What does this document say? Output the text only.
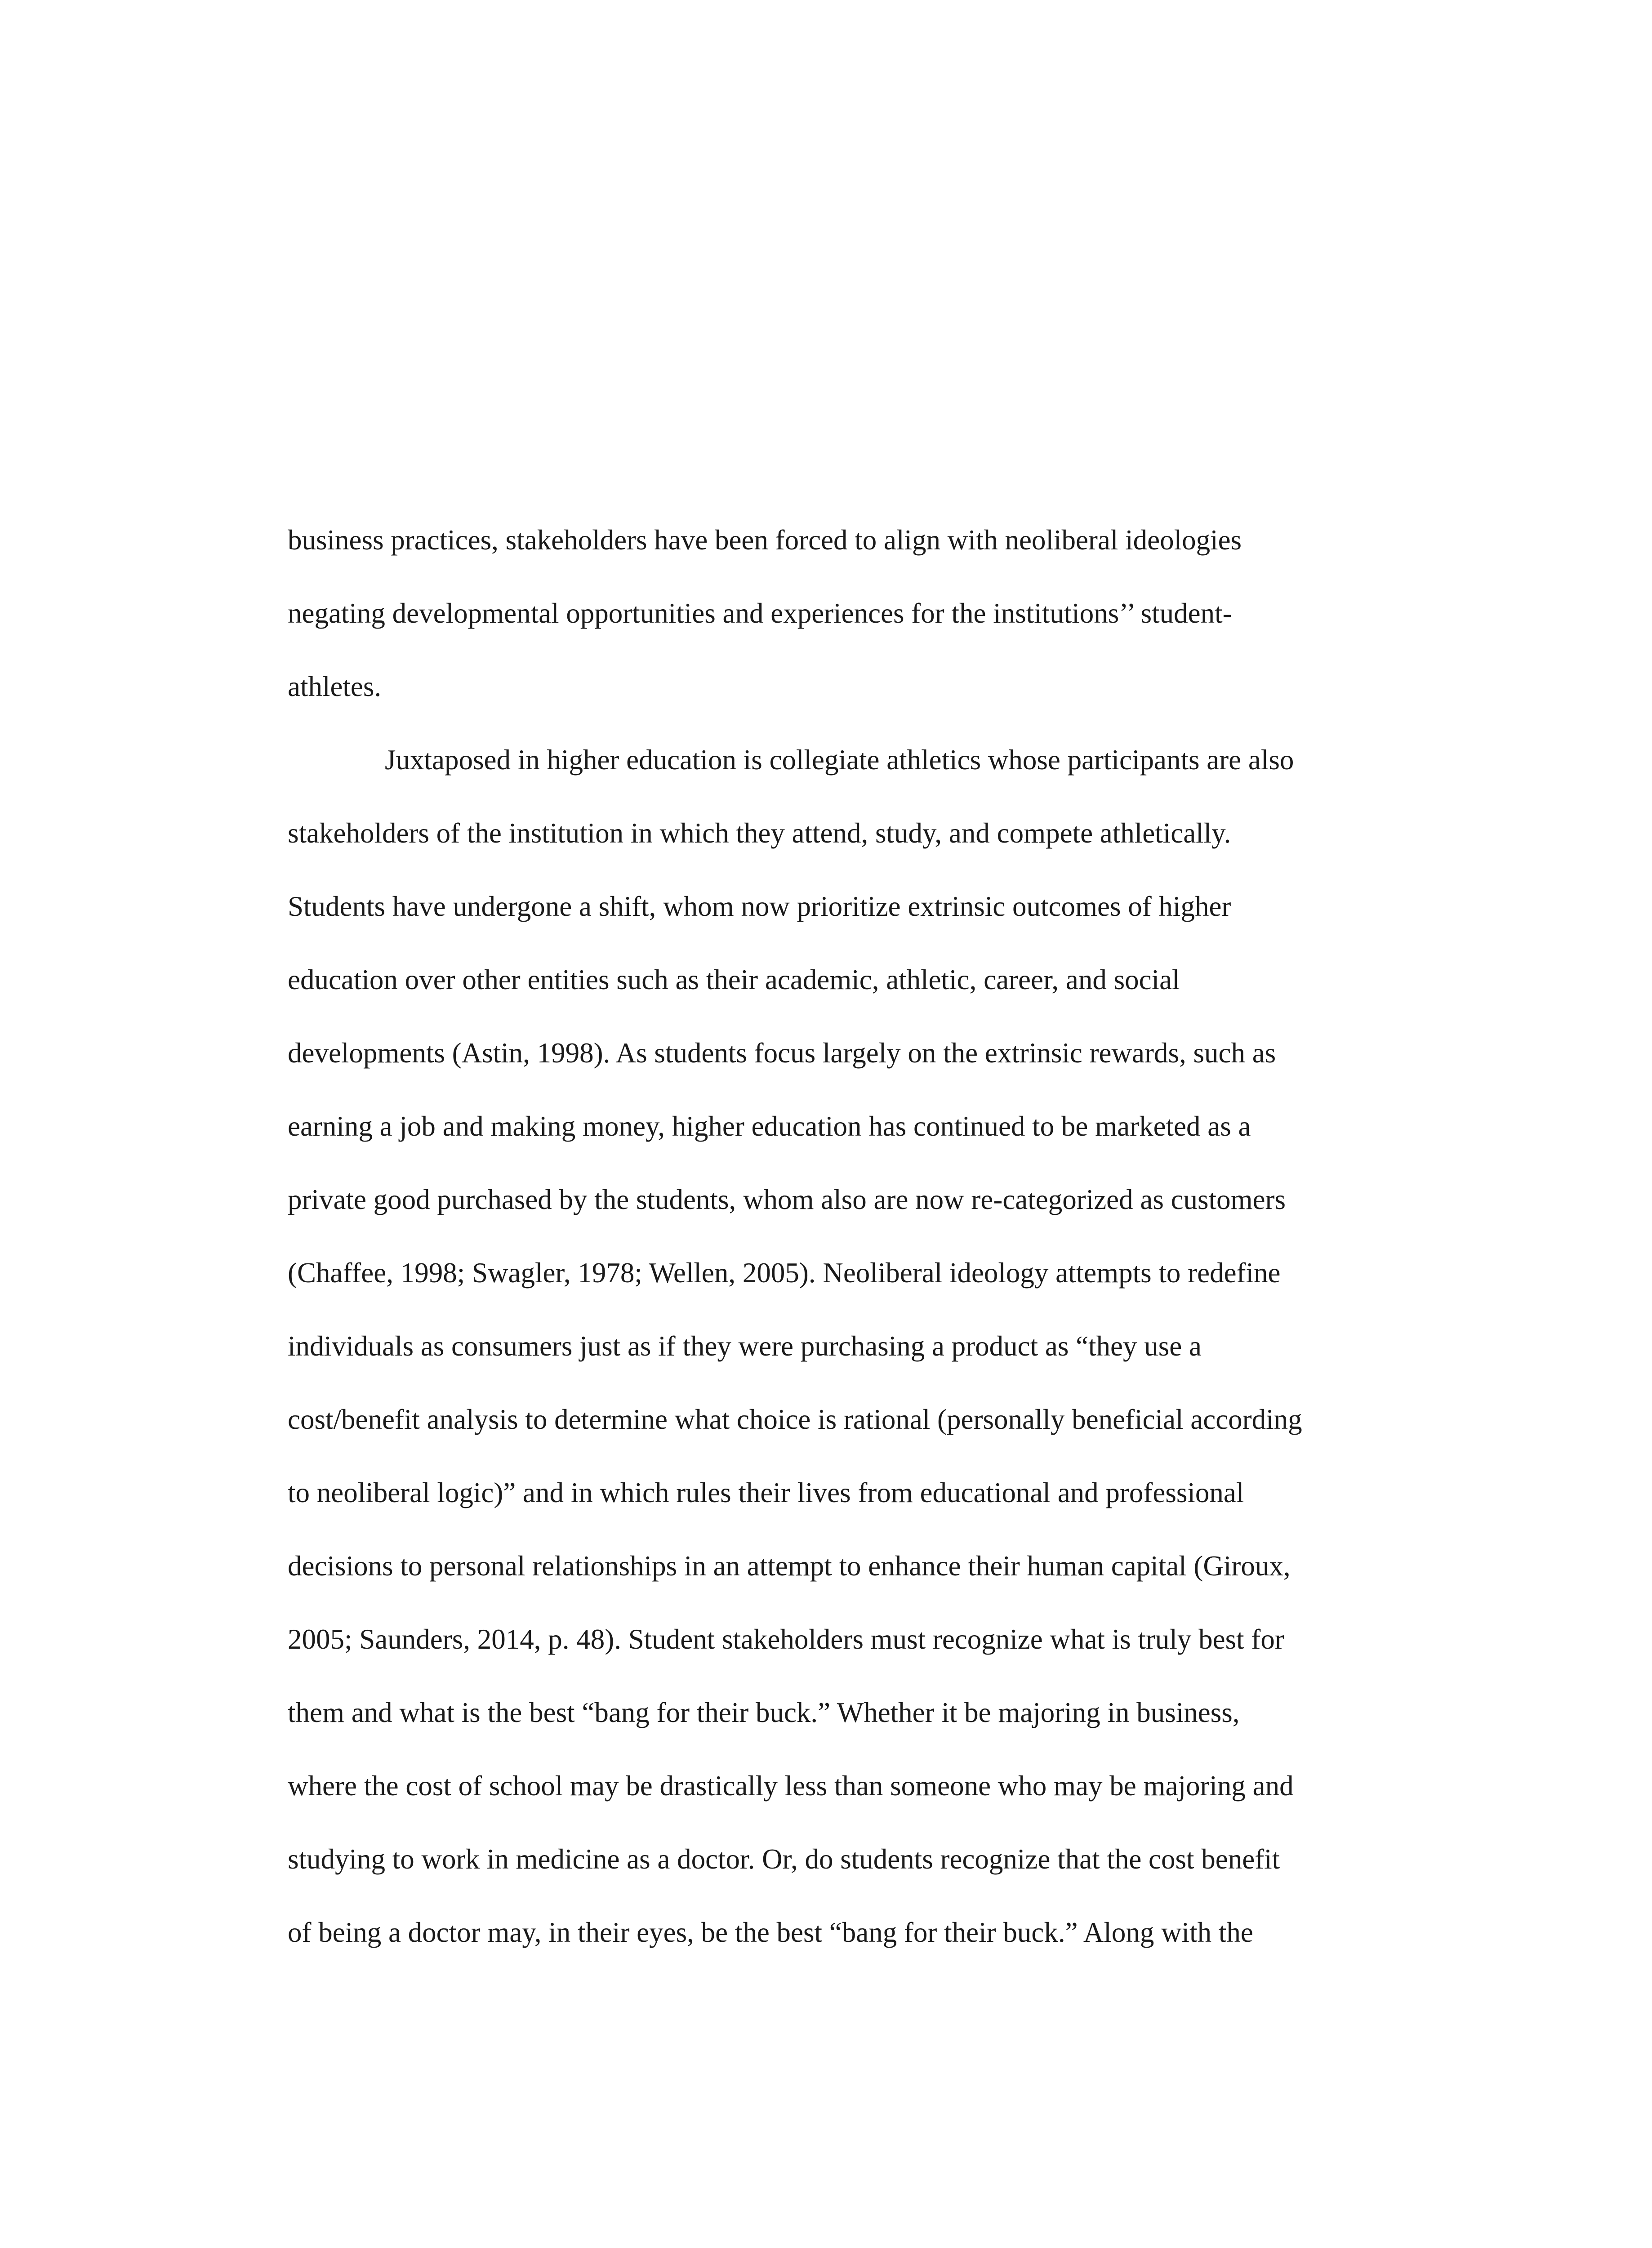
business practices, stakeholders have been forced to align with neoliberal ideologies
negating developmental opportunities and experiences for the institutions’’ student-
athletes.
Juxtaposed in higher education is collegiate athletics whose participants are also
stakeholders of the institution in which they attend, study, and compete athletically.
Students have undergone a shift, whom now prioritize extrinsic outcomes of higher
education over other entities such as their academic, athletic, career, and social
developments (Astin, 1998). As students focus largely on the extrinsic rewards, such as
earning a job and making money, higher education has continued to be marketed as a
private good purchased by the students, whom also are now re-categorized as customers
(Chaffee, 1998; Swagler, 1978; Wellen, 2005). Neoliberal ideology attempts to redefine
individuals as consumers just as if they were purchasing a product as “they use a
cost/benefit analysis to determine what choice is rational (personally beneficial according
to neoliberal logic)” and in which rules their lives from educational and professional
decisions to personal relationships in an attempt to enhance their human capital (Giroux,
2005; Saunders, 2014, p. 48). Student stakeholders must recognize what is truly best for
them and what is the best “bang for their buck.” Whether it be majoring in business,
where the cost of school may be drastically less than someone who may be majoring and
studying to work in medicine as a doctor. Or, do students recognize that the cost benefit
of being a doctor may, in their eyes, be the best “bang for their buck.” Along with the
